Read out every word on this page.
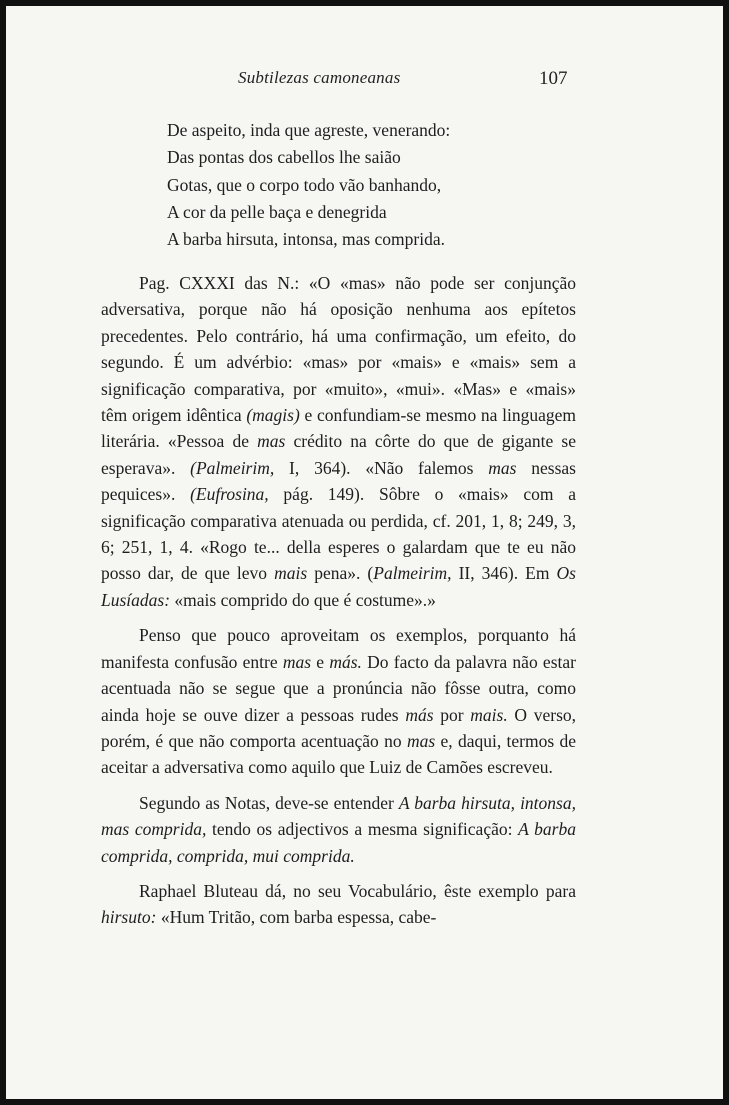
Subtilezas camoneanas	107
De aspeito, inda que agreste, venerando:
Das pontas dos cabellos lhe saião
Gotas, que o corpo todo vão banhando,
A cor da pelle baça e denegrida
A barba hirsuta, intonsa, mas comprida.

Pag. CXXXI das N.: «O «mas» não pode ser conjunção adversativa, porque não há oposição nenhuma aos epítetos precedentes. Pelo contrário, há uma confirmação, um efeito, do segundo. É um advérbio: «mas» por «mais» e «mais» sem a significação comparativa, por «muito», «mui». «Mas» e «mais» têm origem idêntica (magis) e confundiam-se mesmo na linguagem literária. «Pessoa de mas crédito na côrte do que de gigante se esperava». (Palmeirim, I, 364). «Não falemos mas nessas pequices». (Eufrosina, pág. 149). Sôbre o «mais» com a significação comparativa atenuada ou perdida, cf. 201, 1, 8; 249, 3, 6; 251, 1, 4. «Rogo te... della esperes o galardam que te eu não posso dar, de que levo mais pena». (Palmeirim, II, 346). Em Os Lusíadas: «mais comprido do que é costume».»

Penso que pouco aproveitam os exemplos, porquanto há manifesta confusão entre mas e más. Do facto da palavra não estar acentuada não se segue que a pronúncia não fôsse outra, como ainda hoje se ouve dizer a pessoas rudes más por mais. O verso, porém, é que não comporta acentuação no mas e, daqui, termos de aceitar a adversativa como aquilo que Luiz de Camões escreveu.

Segundo as Notas, deve-se entender A barba hirsuta, intonsa, mas comprida, tendo os adjectivos a mesma significação: A barba comprida, comprida, mui comprida.

Raphael Bluteau dá, no seu Vocabulário, êste exemplo para hirsuto: «Hum Tritão, com barba espessa, cabe-
